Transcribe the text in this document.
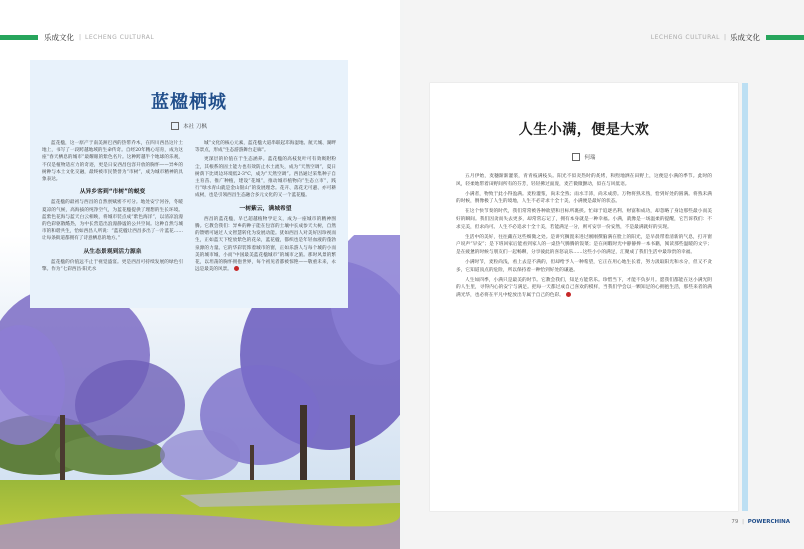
乐成文化 | LECHENG CULTURAL
蓝楹栖城
本社 刀枫

蓝花楹，这一原产于南美洲巴西的热带乔木，在四川西昌这片土地上，书写了一段跨越地域的生命传奇。自经20年精心培育，成为这座“春天栖息的城市”最耀眼的紫色名片。这种跨越半个地球的乐观，不仅是植物适应力的奇迹，更是日安西昌包容开放的胸怀——异乡的树种与本土文化交融，最终被市民赞誉为“市树”，成为城市精神的具象表达。

从异乡客到“市树”的蜕变

蓝花楹的最初与西昌的自然禀赋密不可分。地处安宁河谷，冬暖夏凉的气候，高海拔的纯净空气，为蓝花楹提供了理想的生长环境。蓝紫色花海与蓝天白云相映，将城市装点成“紫色海洋”，以清凉浪漫的色彩驱散酷热，为中长营造出浪漫静谧的公共空间。这种自然与城市的和谐共生，恰如西昌人所说：“蓝花楹让西昌多出了一片蓝花……让每条街道都拥有了诗意栖息的地方。”

从生态景观到活力源泉

蓝花楹的价值远不止于视觉盛宴。更是西昌可持续发展的绿色引擎。作为“七彩西昌·阳光水

城”文化的核心元素，蓝花楹大道串联起邛海湿地、航天城、湖畔等景点，形成“生态游游舞台走廊”。

更深层的价值在于生态涵养。蓝花楹的高枝复叶可有效吸附粉尘，其根系的固土能力也有效防止水土流失，成为“天然空调”，夏日树荫下比周边环境低2-3°C，成为“天然空调”。西昌通过采集种子自主育苗、推广种植，建设“花城”，推动城市植物向“生态立市”，践行“绿水青山就是金山银山”的发展理念。花开、落花无可避、亦可耕成树，也是引领西昌生态融合多元文化的又一个蓝花楹。

一树紫云，满城希望

西昌的蓝花楹，早已超越植物学定义，成为一座城市的精神图腾。它教会我们：异乡的种子能在包容的土壤中长成参天大树，自然的馈赠可通过人文智慧转化为发展动能。犹如西昌人对美好因珍视而生，正如蓝天下绽放紫色的花朵，蓝花楹，都织也是年轻血液的蓬勃泉源的力量。它的华彩装饰着城市的窗，正如乐游人与每个城的小而美的城市城，小而“中国最美蓝花楹城市”的城市之旅。那时风景的繁花，以坦荡的胸怀拥抱世界，每个初见者都被惊艳——敬重未来，永远是最美的风景。

LECHENG CULTURAL | 乐成文化
人生小满，便是大欢
何瑞

五月伊始，麦穗渐渐灌浆，青青枝满枝头。阳光不似炎热时的炙烤，和煦地洒在田野上，这便是小满的季节。此时的风，轻柔地带着田野间所有的芬芳，轻轻拂过面庞，麦芒微微颤动，似在与风低语。

小满者，物致于此小得盈满。麦粒灌浆，尚未全熟；雨水丰沛，尚未成涝。万物将熟未熟，恰到好处的圆满。将熟未满的时候，倒像极了人生的境地，人生不必苛求十全十美，小满便是最好的状态。

在这个快节奏的时代，我们常常被各种欲望和目标所裹挟。忙碌于追逐名利、财富和成功，却忽略了身边那些最小而美好的瞬间。我们因贪而失去更多，却常常忘记了，拥有本身就是一种幸福。小满，就像是一场温柔的提醒，它告诉我们：不求完美，但求尚可。人生不必追求十全十美，若能满足一分，则可安享一份安然，不是最满就好的实现。

生活中的美好，往往藏在这些细微之处。是讲究搁置来进过刚刚撰脑满在脸上的阳光，是早晨带着清新的气息，打开窗户说声“早安”；是下班回家后能看到家人的一桌热气腾腾的饭菜；是在闲暇时光中静静捧一本书籍，阅读那些温暖的文字；是在疲惫的时候与朋友们一起畅聊，分享彼此的喜怒哀乐……这些小小的满足，汇聚成了我们生活中最珍贵的幸福。

小满时节，麦粒尚浅，看上去是不满的，但却给予人一种希望，它正在用心地生长着，努力汲取阳光和水分，但又不贪多，它知道顶点的危险，所以保持着一种恰到好处的谦逊。

人生如四季，小满只是最美的时节。它教会我们，知足方能常乐。珍惜当下，才能不负岁月。愿我们都能在这小满光阴的人生里，寻得内心的安宁与满足。把每一天都过成自己喜欢的模样，当我们学会以一颗知足的心拥抱生活，那些来者的满满光华，也必将在平凡中绽放出专属于自己的色彩。

79 | POWERCHINA
